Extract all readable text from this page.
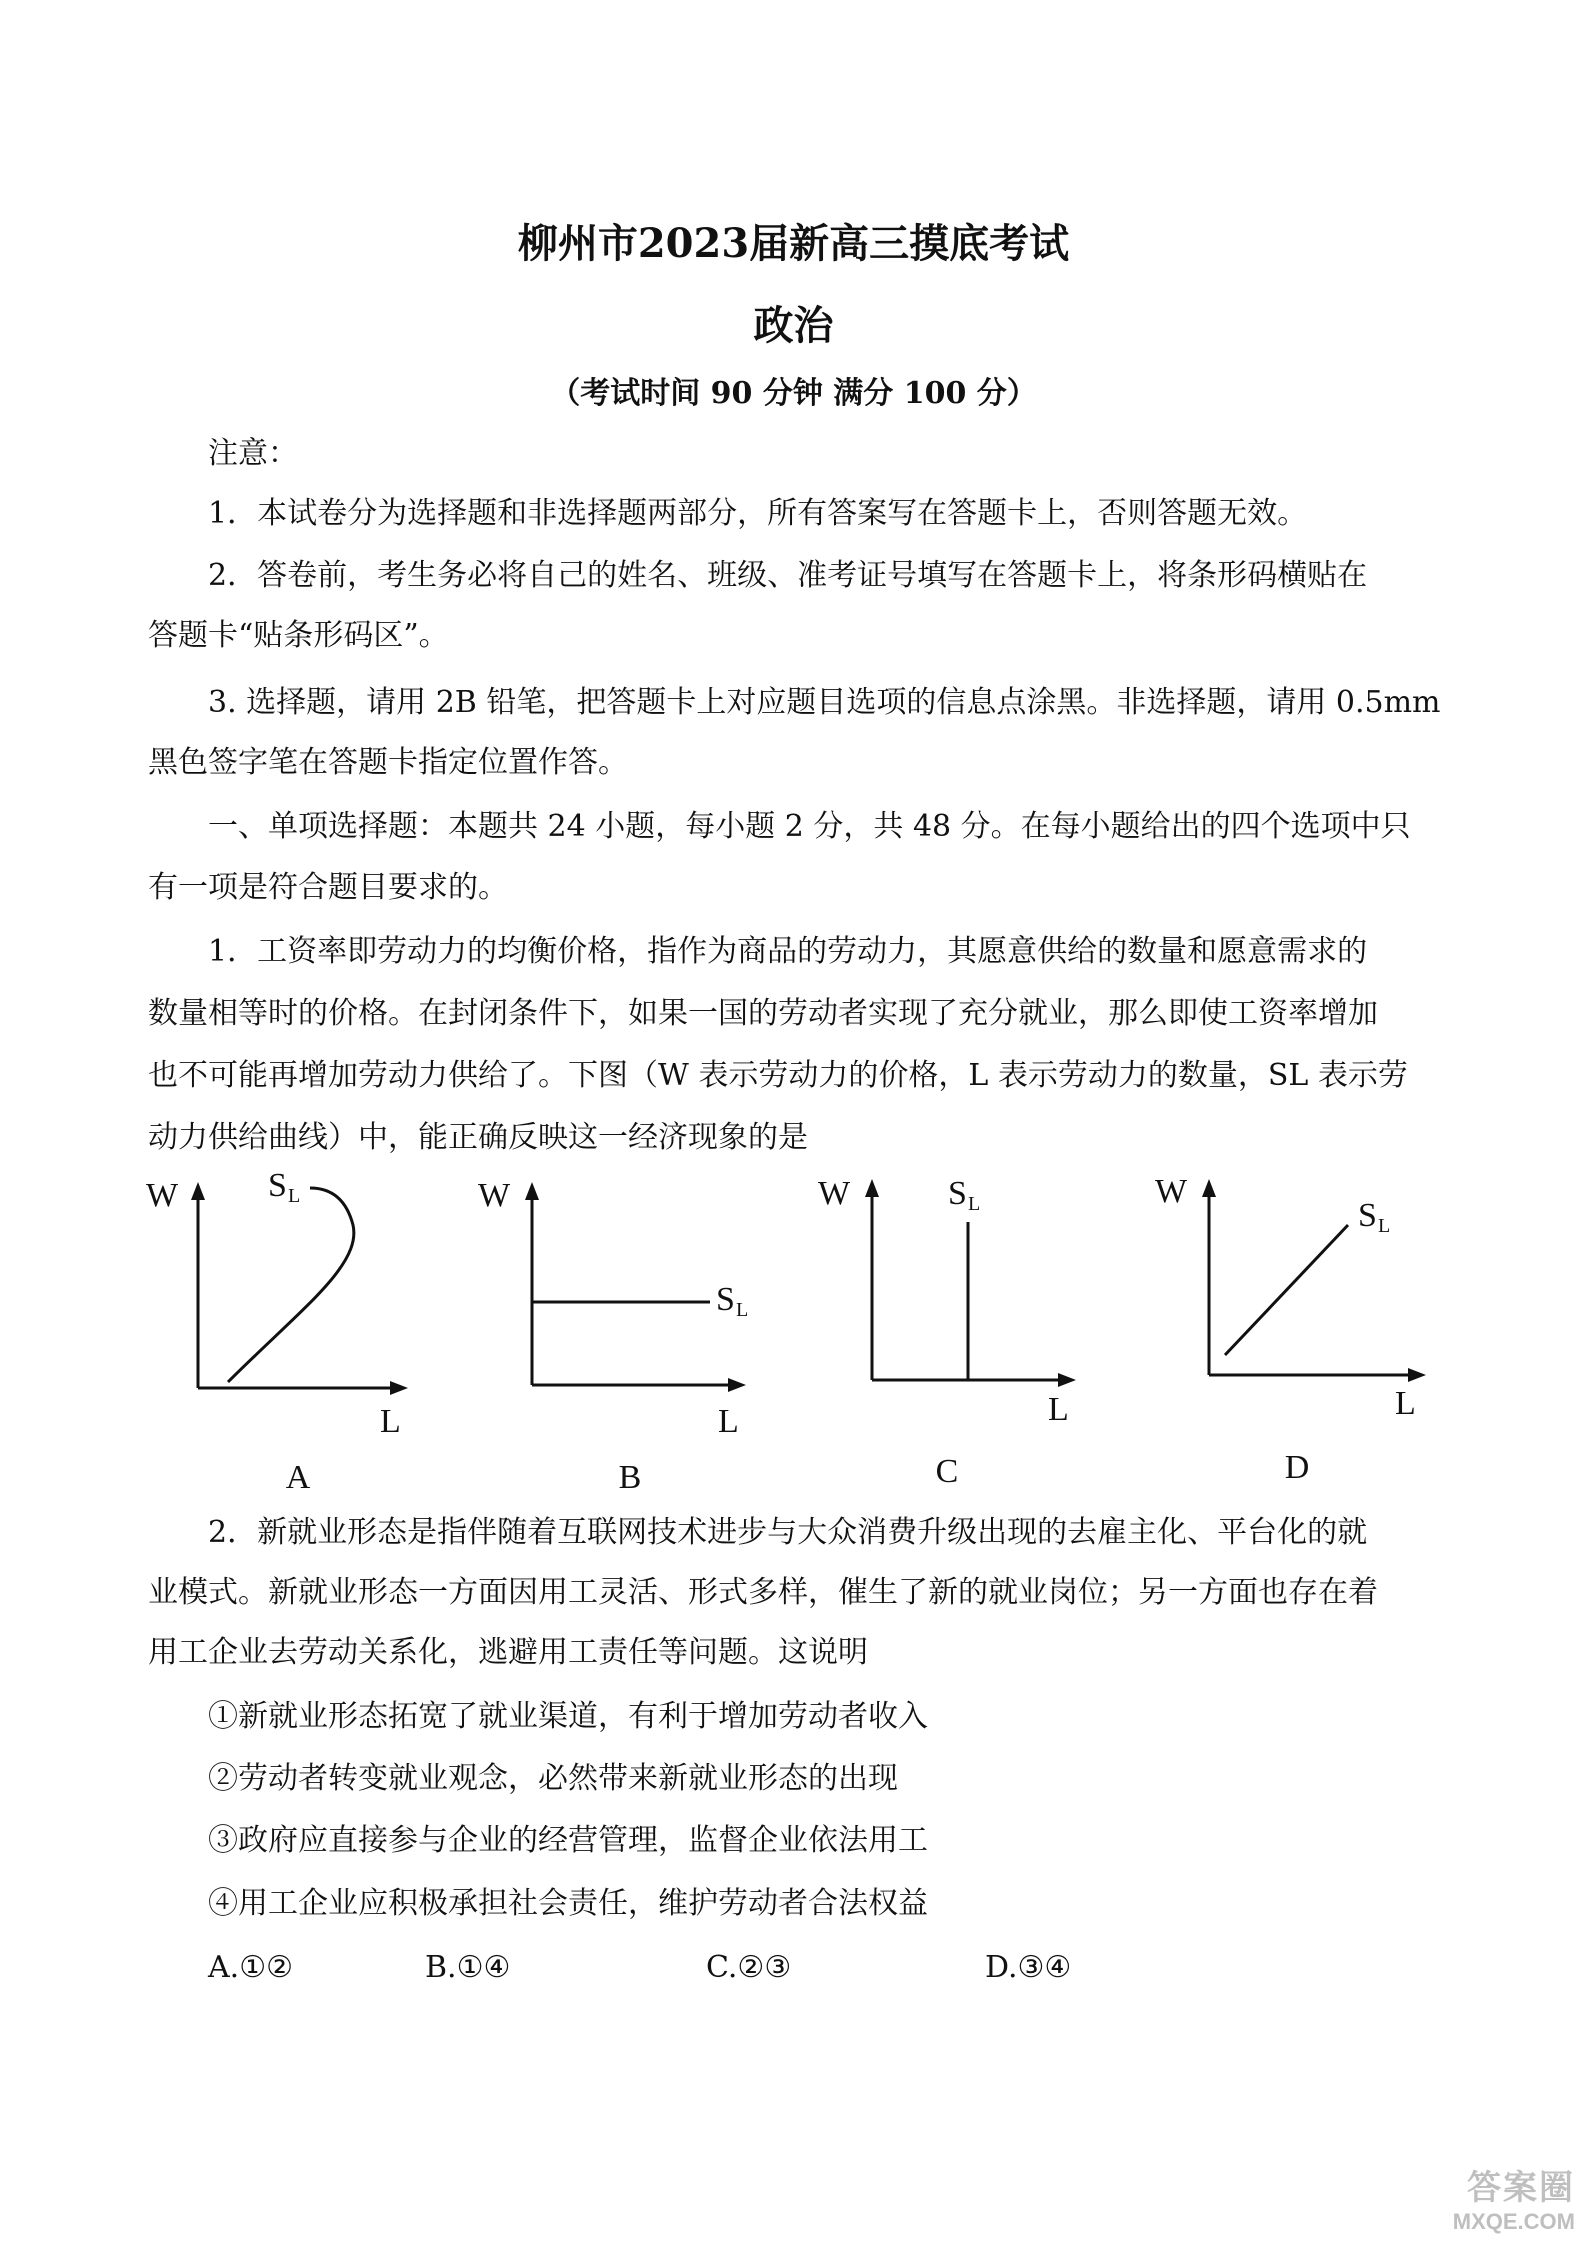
柳州市2023届新高三摸底考试
政治
（考试时间 90 分钟 满分 100 分）
注意：
1．本试卷分为选择题和非选择题两部分，所有答案写在答题卡上，否则答题无效。
2．答卷前，考生务必将自己的姓名、班级、准考证号填写在答题卡上，将条形码横贴在
答题卡“贴条形码区”。
3. 选择题，请用 2B 铅笔，把答题卡上对应题目选项的信息点涂黑。非选择题，请用 0.5mm
黑色签字笔在答题卡指定位置作答。
一、单项选择题：本题共 24 小题，每小题 2 分，共 48 分。在每小题给出的四个选项中只
有一项是符合题目要求的。
1．工资率即劳动力的均衡价格，指作为商品的劳动力，其愿意供给的数量和愿意需求的
数量相等时的价格。在封闭条件下，如果一国的劳动者实现了充分就业，那么即使工资率增加
也不可能再增加劳动力供给了。下图（W 表示劳动力的价格，L 表示劳动力的数量，SL 表示劳
动力供给曲线）中，能正确反映这一经济现象的是
W
L
S L
A
W
L
S L
B
W
L
S L
C
W
L
S L
D
2．新就业形态是指伴随着互联网技术进步与大众消费升级出现的去雇主化、平台化的就
业模式。新就业形态一方面因用工灵活、形式多样，催生了新的就业岗位；另一方面也存在着
用工企业去劳动关系化，逃避用工责任等问题。这说明
①新就业形态拓宽了就业渠道，有利于增加劳动者收入
②劳动者转变就业观念，必然带来新就业形态的出现
③政府应直接参与企业的经营管理，监督企业依法用工
④用工企业应积极承担社会责任，维护劳动者合法权益
A.①②	B.①④	C.②③	D.③④
答案圈
MXQE.COM
